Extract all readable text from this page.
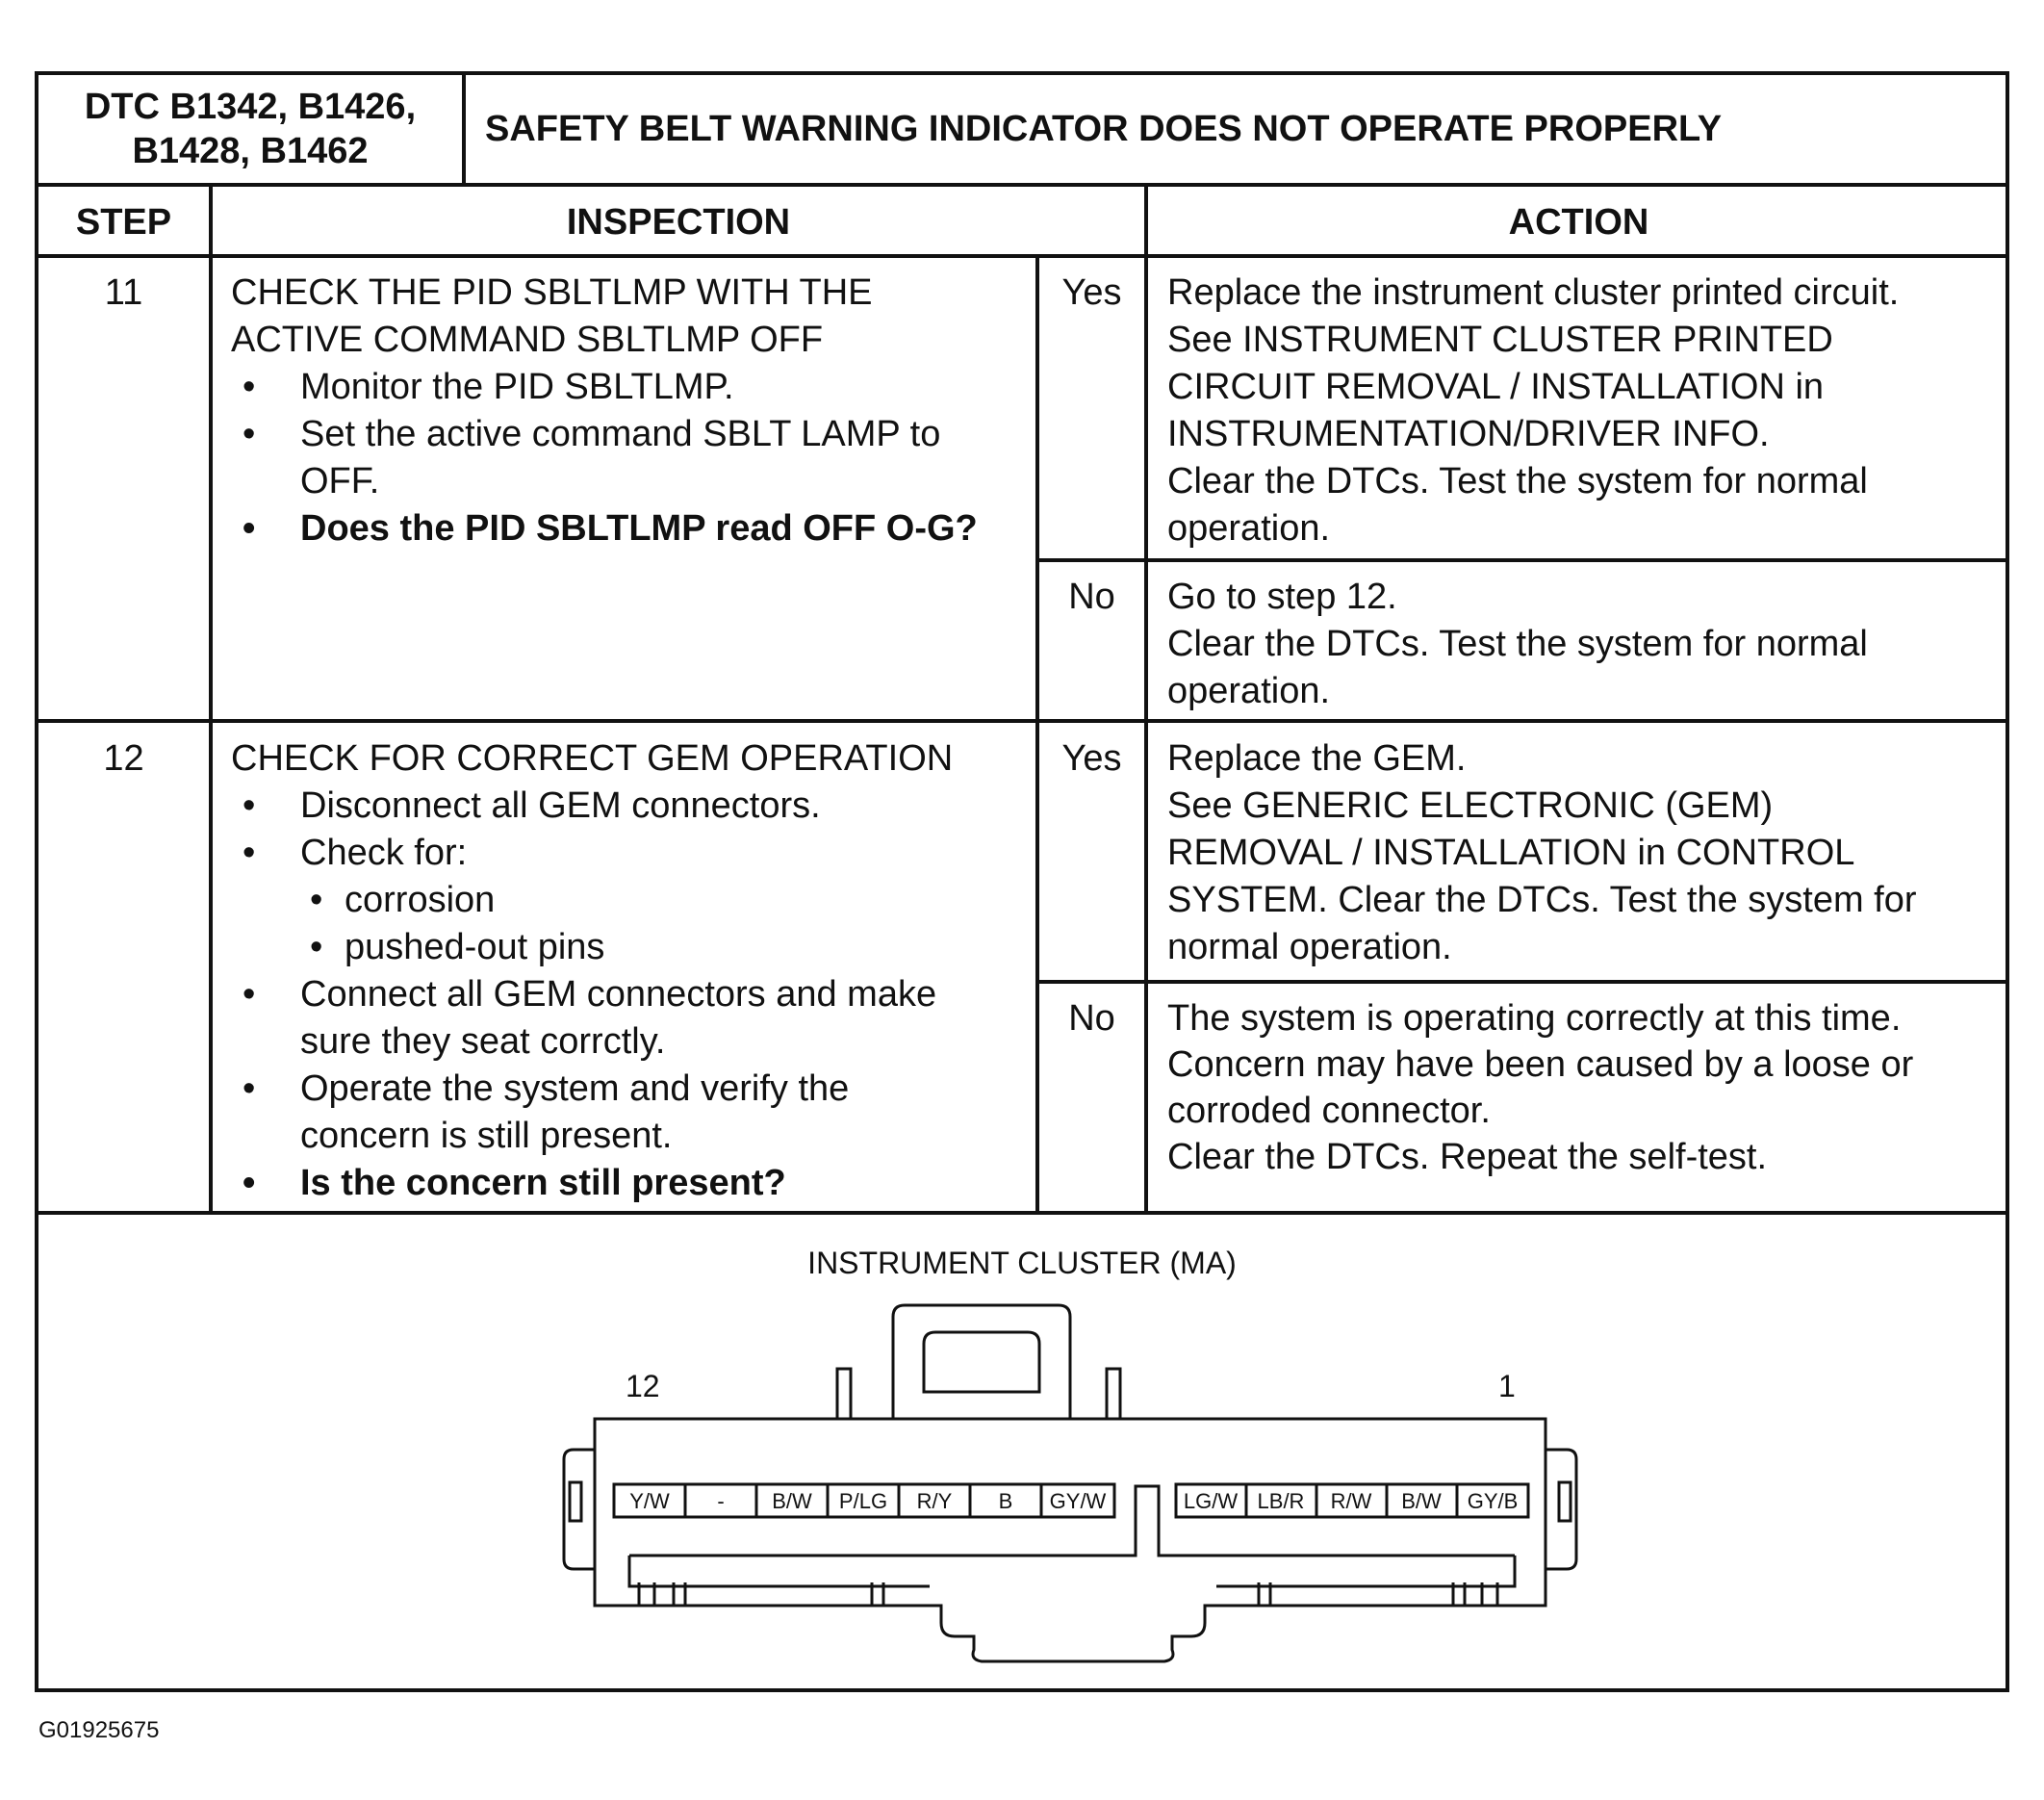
DTC B1342, B1426,
B1428, B1462
SAFETY BELT WARNING INDICATOR DOES NOT OPERATE PROPERLY
STEP	INSPECTION	ACTION
11	CHECK THE PID SBLTLMP WITH THE
ACTIVE COMMAND SBLTLMP OFF
• Monitor the PID SBLTLMP.
• Set the active command SBLT LAMP to
OFF.
• Does the PID SBLTLMP read OFF O-G?
Yes	Replace the instrument cluster printed circuit.
See INSTRUMENT CLUSTER PRINTED
CIRCUIT REMOVAL / INSTALLATION in
INSTRUMENTATION/DRIVER INFO.
Clear the DTCs. Test the system for normal
operation.
No	Go to step 12.
Clear the DTCs. Test the system for normal
operation.
12	CHECK FOR CORRECT GEM OPERATION
• Disconnect all GEM connectors.
• Check for:
• corrosion
• pushed-out pins
• Connect all GEM connectors and make
sure they seat corrctly.
• Operate the system and verify the
concern is still present.
• Is the concern still present?
Yes	Replace the GEM.
See GENERIC ELECTRONIC (GEM)
REMOVAL / INSTALLATION in CONTROL
SYSTEM. Clear the DTCs. Test the system for
normal operation.
No	The system is operating correctly at this time.
Concern may have been caused by a loose or
corroded connector.
Clear the DTCs. Repeat the self-test.
INSTRUMENT CLUSTER (MA)
12	1
Y/W - B/W P/LG R/Y B GY/W	LG/W LB/R R/W B/W GY/B
G01925675
